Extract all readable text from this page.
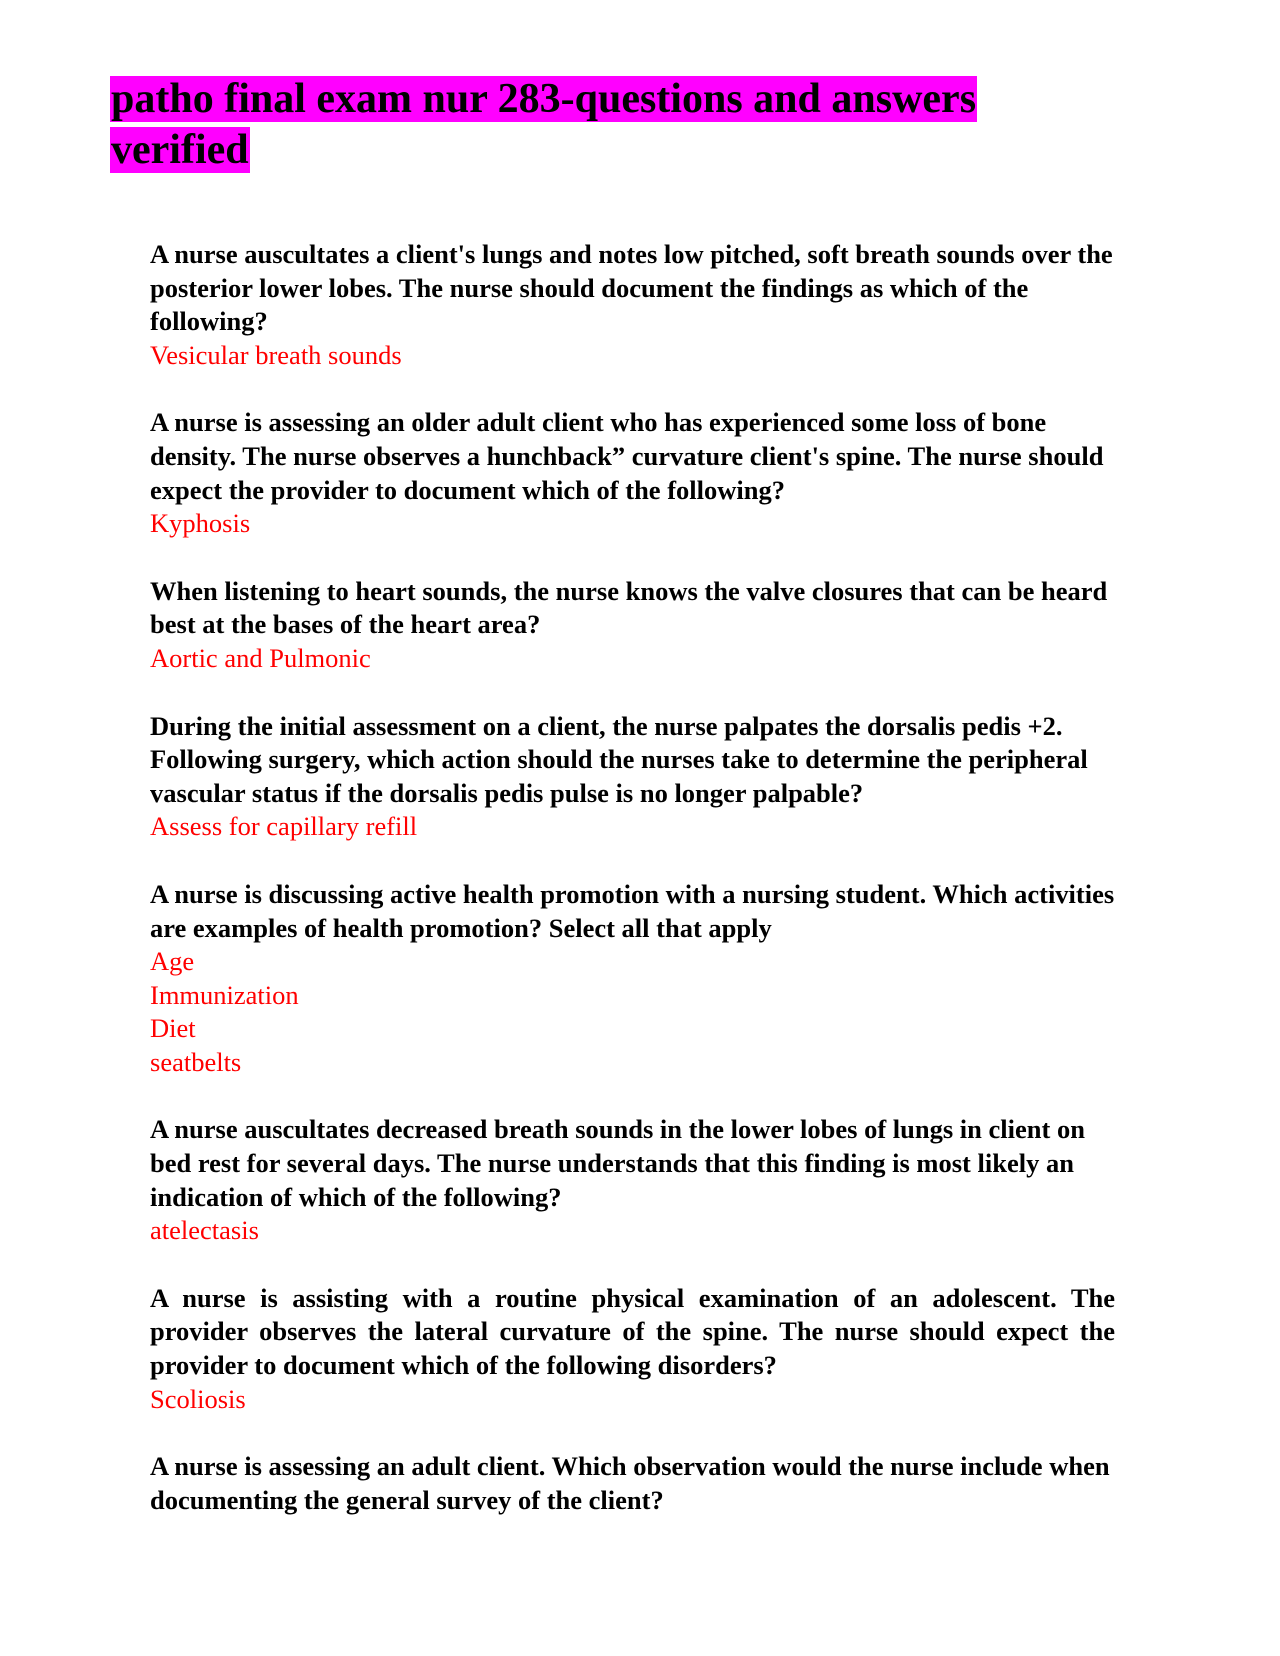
patho final exam nur 283-questions and answers verified

A nurse auscultates a client's lungs and notes low pitched, soft breath sounds over the posterior lower lobes. The nurse should document the findings as which of the following?

Vesicular breath sounds

A nurse is assessing an older adult client who has experienced some loss of bone density. The nurse observes a hunchback” curvature client's spine. The nurse should expect the provider to document which of the following?

Kyphosis

When listening to heart sounds, the nurse knows the valve closures that can be heard best at the bases of the heart area?

Aortic and Pulmonic

During the initial assessment on a client, the nurse palpates the dorsalis pedis +2. Following surgery, which action should the nurses take to determine the peripheral vascular status if the dorsalis pedis pulse is no longer palpable?

Assess for capillary refill

A nurse is discussing active health promotion with a nursing student. Which activities are examples of health promotion? Select all that apply

Age

Immunization

Diet

seatbelts

A nurse auscultates decreased breath sounds in the lower lobes of lungs in client on bed rest for several days. The nurse understands that this finding is most likely an indication of which of the following?

atelectasis

A nurse is assisting with a routine physical examination of an adolescent. The provider observes the lateral curvature of the spine. The nurse should expect the provider to document which of the following disorders?

Scoliosis

A nurse is assessing an adult client. Which observation would the nurse include when documenting the general survey of the client?
